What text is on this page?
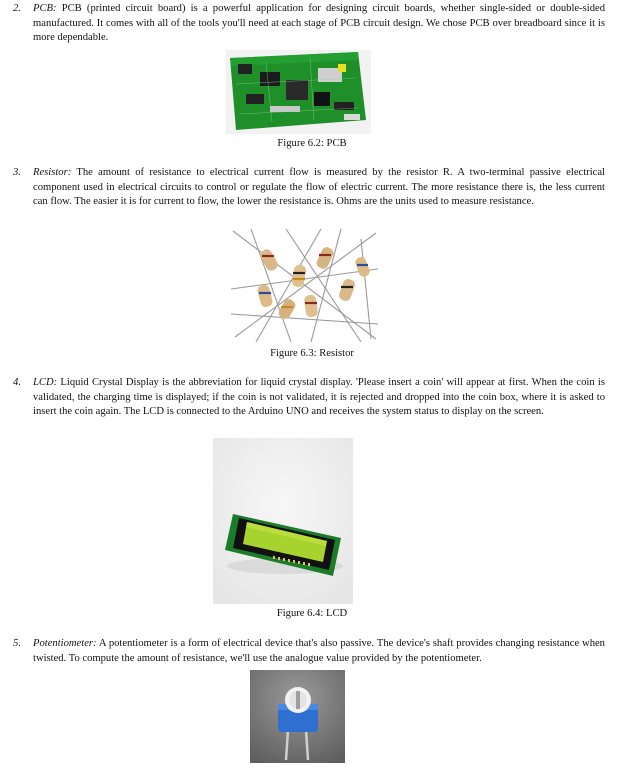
2. PCB: PCB (printed circuit board) is a powerful application for designing circuit boards, whether single-sided or double-sided manufactured. It comes with all of the tools you'll need at each stage of PCB circuit design. We chose PCB over breadboard since it is more dependable.
Figure 6.2: PCB
3. Resistor: The amount of resistance to electrical current flow is measured by the resistor R. A two-terminal passive electrical component used in electrical circuits to control or regulate the flow of electric current. The more resistance there is, the less current can flow. The easier it is for current to flow, the lower the resistance is. Ohms are the units used to measure resistance.
Figure 6.3: Resistor
4. LCD: Liquid Crystal Display is the abbreviation for liquid crystal display. 'Please insert a coin' will appear at first. When the coin is validated, the charging time is displayed; if the coin is not validated, it is rejected and dropped into the coin box, where it is asked to insert the coin again. The LCD is connected to the Arduino UNO and receives the system status to display on the screen.
Figure 6.4: LCD
5. Potentiometer: A potentiometer is a form of electrical device that's also passive. The device's shaft provides changing resistance when twisted. To compute the amount of resistance, we'll use the analogue value provided by the potentiometer.
